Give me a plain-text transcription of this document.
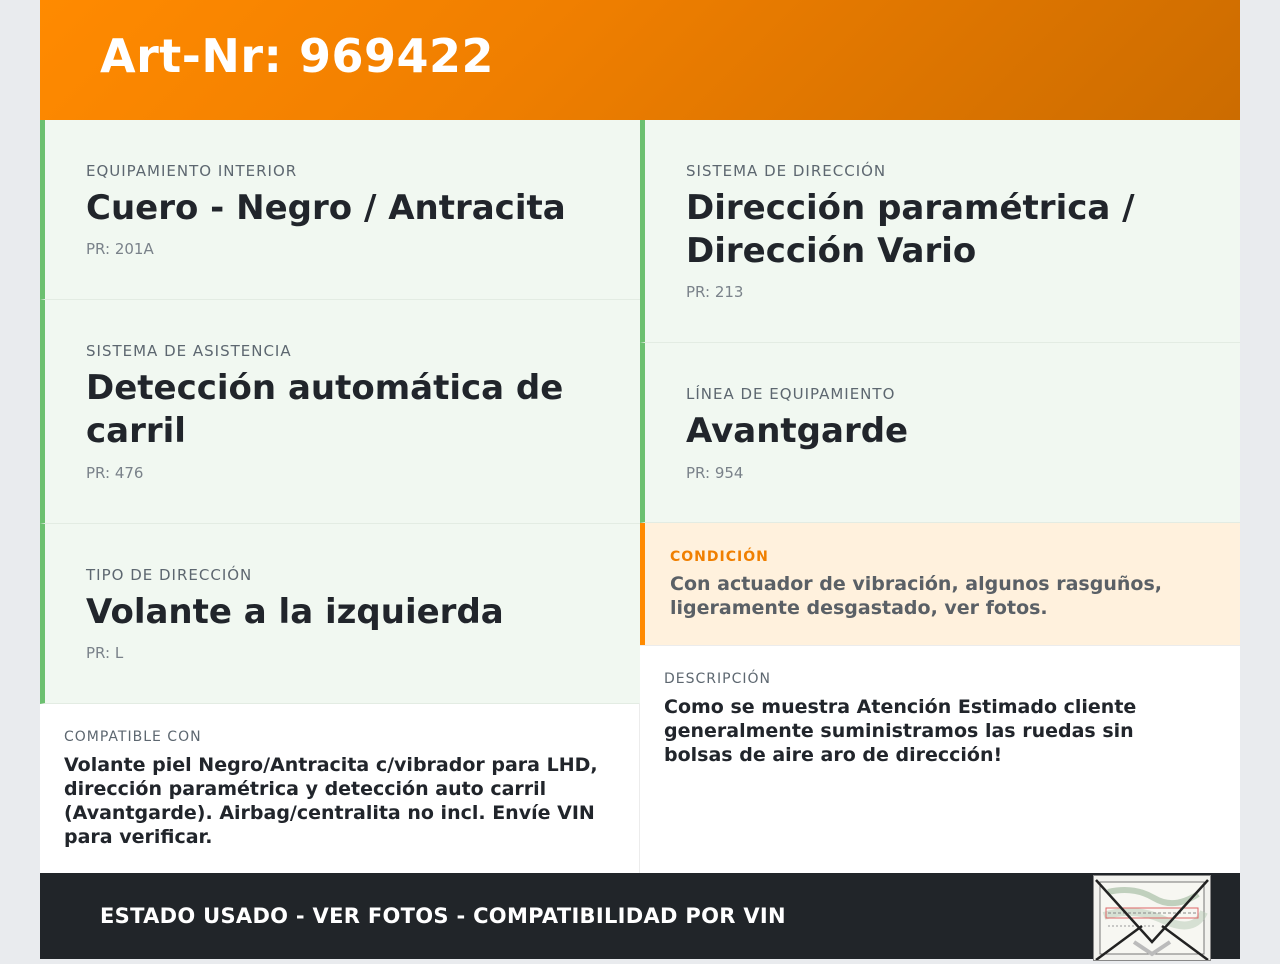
Art-Nr: 969422
EQUIPAMIENTO INTERIOR
Cuero - Negro / Antracita
PR: 201A
SISTEMA DE ASISTENCIA
Detección automática de carril
PR: 476
TIPO DE DIRECCIÓN
Volante a la izquierda
PR: L
SISTEMA DE DIRECCIÓN
Dirección paramétrica / Dirección Vario
PR: 213
LÍNEA DE EQUIPAMIENTO
Avantgarde
PR: 954
CONDICIÓN
Con actuador de vibración, algunos rasguños, ligeramente desgastado, ver fotos.
COMPATIBLE CON
Volante piel Negro/Antracita c/vibrador para LHD, dirección paramétrica y detección auto carril (Avantgarde). Airbag/centralita no incl. Envíe VIN para verificar.
DESCRIPCIÓN
Como se muestra Atención Estimado cliente generalmente suministramos las ruedas sin bolsas de aire aro de dirección!
ESTADO USADO - VER FOTOS - COMPATIBILIDAD POR VIN
